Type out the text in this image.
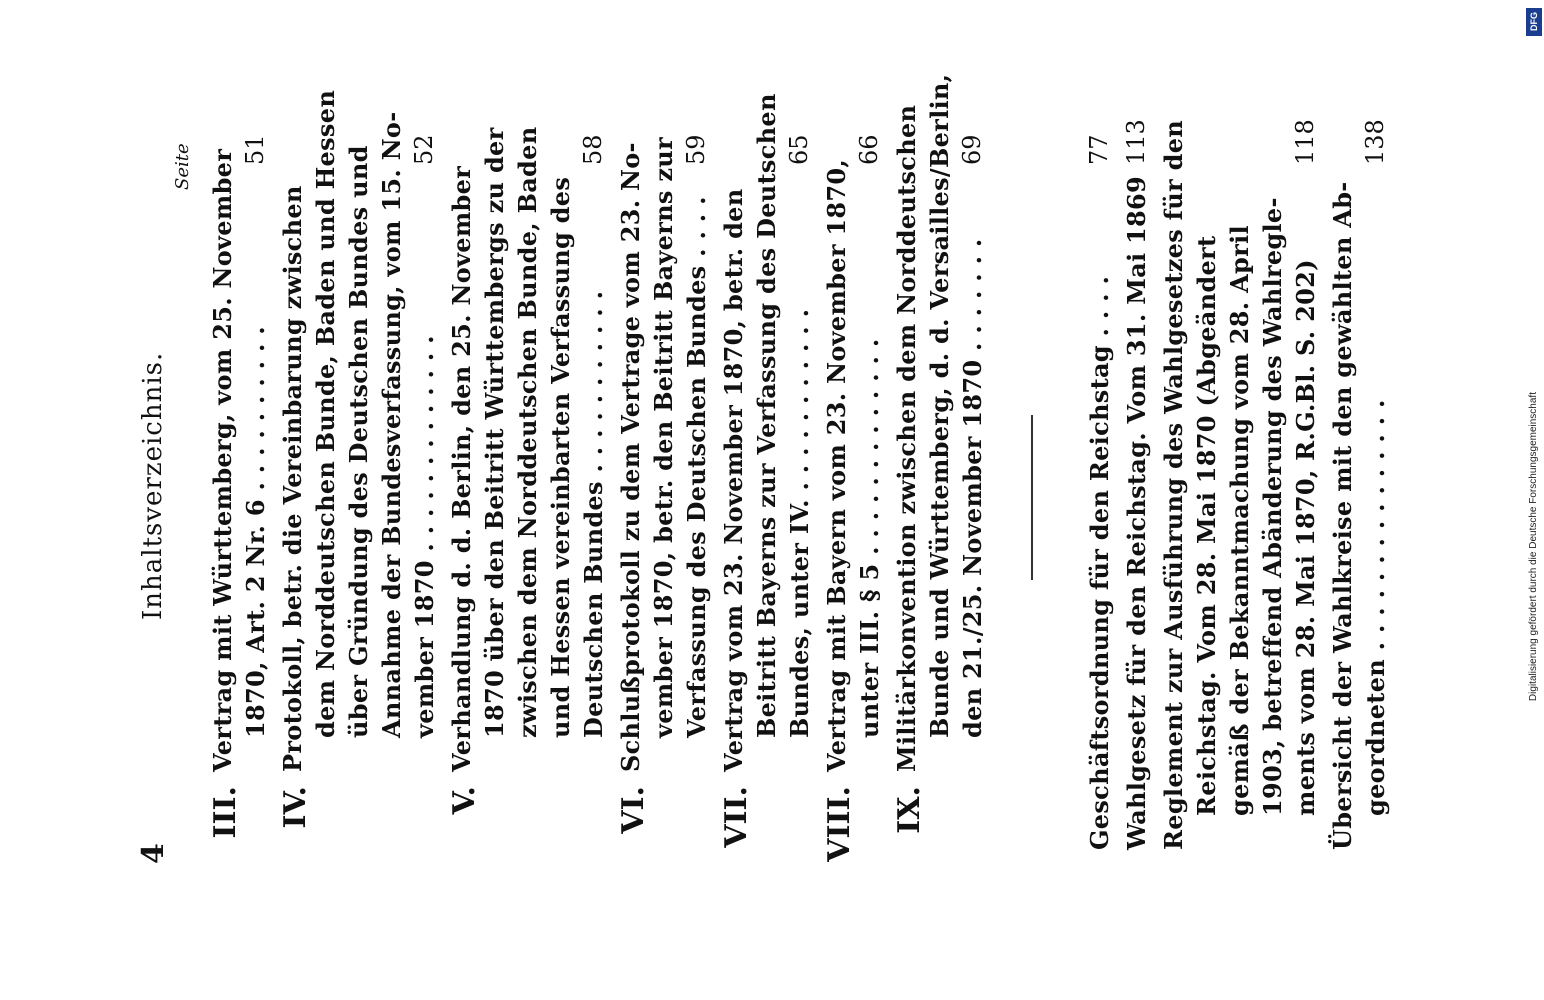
4
Inhaltsverzeichnis.
Seite
III.
Vertrag mit Württemberg, vom 25. November 1870, Art. 2 Nr. 6 . . . . . . . . . .
51
IV.
Protokoll, betr. die Vereinbarung zwischen dem Norddeutschen Bunde, Baden und Hessen über Gründung des Deutschen Bundes und Annahme der Bundesverfassung, vom 15. No- vember 1870 . . . . . . . . . . . . .
52
V.
Verhandlung d. d. Berlin, den 25. November 1870 über den Beitritt Württembergs zu der zwischen dem Norddeutschen Bunde, Baden und Hessen vereinbarten Verfassung des Deutschen Bundes . . . . . . . . . . .
58
VI.
Schlußprotokoll zu dem Vertrage vom 23. No- vember 1870, betr. den Beitritt Bayerns zur Verfassung des Deutschen Bundes . . . .
59
VII.
Vertrag vom 23. November 1870, betr. den Beitritt Bayerns zur Verfassung des Deutschen Bundes, unter IV. . . . . . . . . . . .
65
VIII.
Vertrag mit Bayern vom 23. November 1870, unter III. § 5 . . . . . . . . . . . . .
66
IX.
Militärkonvention zwischen dem Norddeutschen Bunde und Württemberg, d. d. Versailles/Berlin, den 21./25. November 1870 . . . . . . .
69
Geschäftsordnung für den Reichstag . . . .
77
Wahlgesetz für den Reichstag. Vom 31. Mai 1869
113 Reglement zur Ausführung des Wahlgesetzes für den Reichstag. Vom 28. Mai 1870 (Abgeändert gemäß der Bekanntmachung vom 28. April 1903, betreffend Abänderung des Wahlregle- ments vom 28. Mai 1870, R.G.Bl. S. 202)
118
Übersicht der Wahlkreise mit den gewählten Ab- geordneten . . . . . . . . . . . . . . .
138
Digitalisierung gefördert durch die Deutsche Forschungsgemeinschaft
DFG
